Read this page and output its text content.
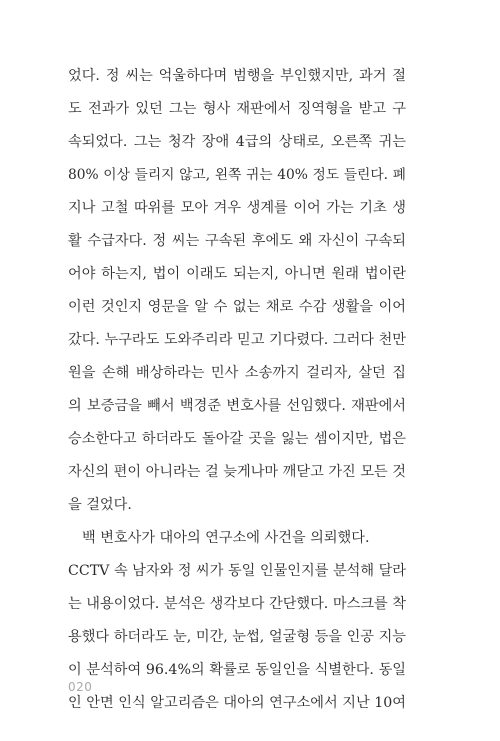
었다. 정 씨는 억울하다며 범행을 부인했지만, 과거 절
도 전과가 있던 그는 형사 재판에서 징역형을 받고 구
속되었다. 그는 청각 장애 4급의 상태로, 오른쪽 귀는
80% 이상 들리지 않고, 왼쪽 귀는 40% 정도 들린다. 폐
지나 고철 따위를 모아 겨우 생계를 이어 가는 기초 생
활 수급자다. 정 씨는 구속된 후에도 왜 자신이 구속되
어야 하는지, 법이 이래도 되는지, 아니면 원래 법이란
이런 것인지 영문을 알 수 없는 채로 수감 생활을 이어
갔다. 누구라도 도와주리라 믿고 기다렸다. 그러다 천만
원을 손해 배상하라는 민사 소송까지 걸리자, 살던 집
의 보증금을 빼서 백경준 변호사를 선임했다. 재판에서
승소한다고 하더라도 돌아갈 곳을 잃는 셈이지만, 법은
자신의 편이 아니라는 걸 늦게나마 깨닫고 가진 모든 것
을 걸었다.
백 변호사가 대아의 연구소에 사건을 의뢰했다.
CCTV 속 남자와 정 씨가 동일 인물인지를 분석해 달라
는 내용이었다. 분석은 생각보다 간단했다. 마스크를 착
용했다 하더라도 눈, 미간, 눈썹, 얼굴형 등을 인공 지능
이 분석하여 96.4%의 확률로 동일인을 식별한다. 동일
인 안면 인식 알고리즘은 대아의 연구소에서 지난 10여
020
